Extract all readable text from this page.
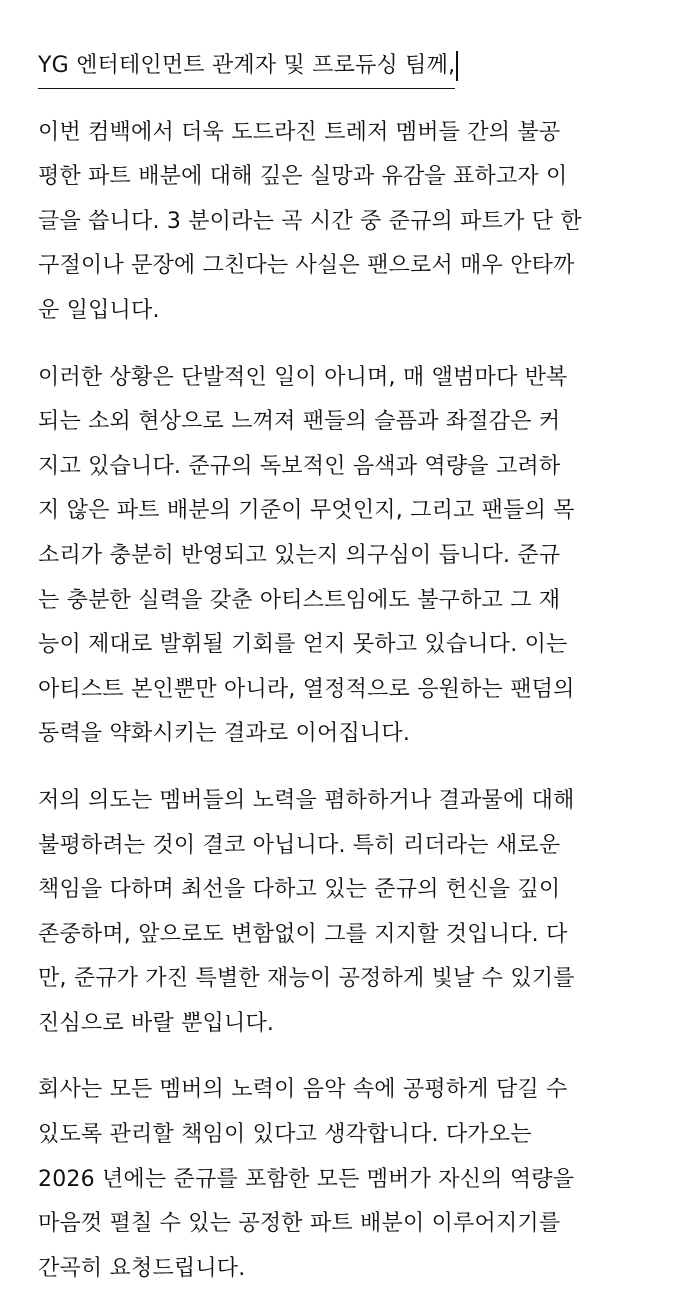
YG 엔터테인먼트 관계자 및 프로듀싱 팀께,
이번 컴백에서 더욱 도드라진 트레저 멤버들 간의 불공
평한 파트 배분에 대해 깊은 실망과 유감을 표하고자 이
글을 씁니다. 3 분이라는 곡 시간 중 준규의 파트가 단 한
구절이나 문장에 그친다는 사실은 팬으로서 매우 안타까
운 일입니다.
이러한 상황은 단발적인 일이 아니며, 매 앨범마다 반복
되는 소외 현상으로 느껴져 팬들의 슬픔과 좌절감은 커
지고 있습니다. 준규의 독보적인 음색과 역량을 고려하
지 않은 파트 배분의 기준이 무엇인지, 그리고 팬들의 목
소리가 충분히 반영되고 있는지 의구심이 듭니다. 준규
는 충분한 실력을 갖춘 아티스트임에도 불구하고 그 재
능이 제대로 발휘될 기회를 얻지 못하고 있습니다. 이는
아티스트 본인뿐만 아니라, 열정적으로 응원하는 팬덤의
동력을 약화시키는 결과로 이어집니다.
저의 의도는 멤버들의 노력을 폄하하거나 결과물에 대해
불평하려는 것이 결코 아닙니다. 특히 리더라는 새로운
책임을 다하며 최선을 다하고 있는 준규의 헌신을 깊이
존중하며, 앞으로도 변함없이 그를 지지할 것입니다. 다
만, 준규가 가진 특별한 재능이 공정하게 빛날 수 있기를
진심으로 바랄 뿐입니다.
회사는 모든 멤버의 노력이 음악 속에 공평하게 담길 수
있도록 관리할 책임이 있다고 생각합니다. 다가오는
2026 년에는 준규를 포함한 모든 멤버가 자신의 역량을
마음껏 펼칠 수 있는 공정한 파트 배분이 이루어지기를
간곡히 요청드립니다.
